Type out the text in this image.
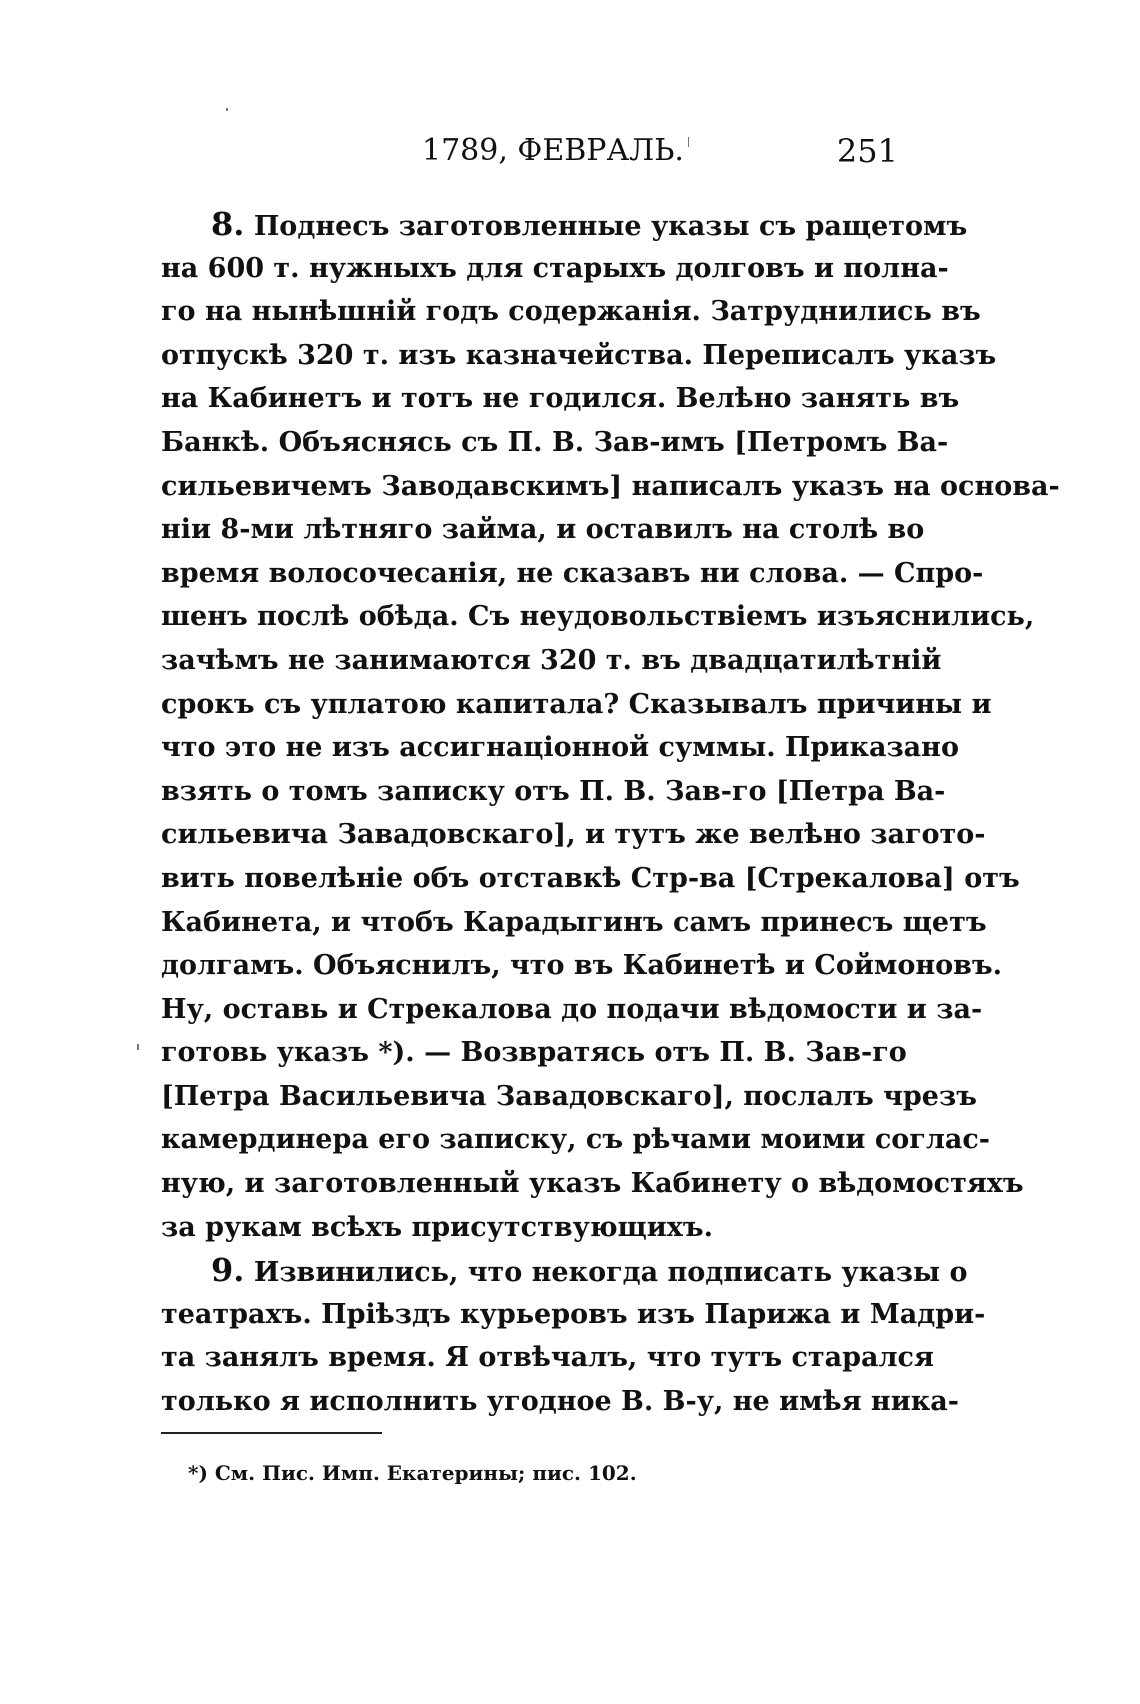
1789, ФЕВРАЛЬ.	251
8. Поднесъ заготовленные указы съ ращетомъ
на 600 т. нужныхъ для старыхъ долговъ и полна-
го на нынѣшній годъ содержанія. Затруднились въ
отпускѣ 320 т. изъ казначейства. Переписалъ указъ
на Кабинетъ и тотъ не годился. Велѣно занять въ
Банкѣ. Объяснясь съ П. В. Зав-имъ [Петромъ Ва-
сильевичемъ Заводавскимъ] написалъ указъ на основа-
ніи 8-ми лѣтняго займа, и оставилъ на столѣ во
время волосочесанія, не сказавъ ни слова. — Спро-
шенъ послѣ обѣда. Съ неудовольствіемъ изъяснились,
зачѣмъ не занимаются 320 т. въ двадцатилѣтній
срокъ съ уплатою капитала? Сказывалъ причины и
что это не изъ ассигнаціонной суммы. Приказано
взять о томъ записку отъ П. В. Зав-го [Петра Ва-
сильевича Завадовскаго], и тутъ же велѣно загото-
вить повелѣніе объ отставкѣ Стр-ва [Стрекалова] отъ
Кабинета, и чтобъ Карадыгинъ самъ принесъ щетъ
долгамъ. Объяснилъ, что въ Кабинетѣ и Соймоновъ.
Ну, оставь и Стрекалова до подачи вѣдомости и за-
готовь указъ *). — Возвратясь отъ П. В. Зав-го
[Петра Васильевича Завадовскаго], послалъ чрезъ
камердинера его записку, съ рѣчами моими соглас-
ную, и заготовленный указъ Кабинету о вѣдомостяхъ
за рукам всѣхъ присутствующихъ.
9. Извинились, что некогда подписать указы о
театрахъ. Пріѣздъ курьеровъ изъ Парижа и Мадри-
та занялъ время. Я отвѣчалъ, что тутъ старался
только я исполнить угодное В. В-у, не имѣя ника-
*) См. Пис. Имп. Екатерины; пис. 102.
